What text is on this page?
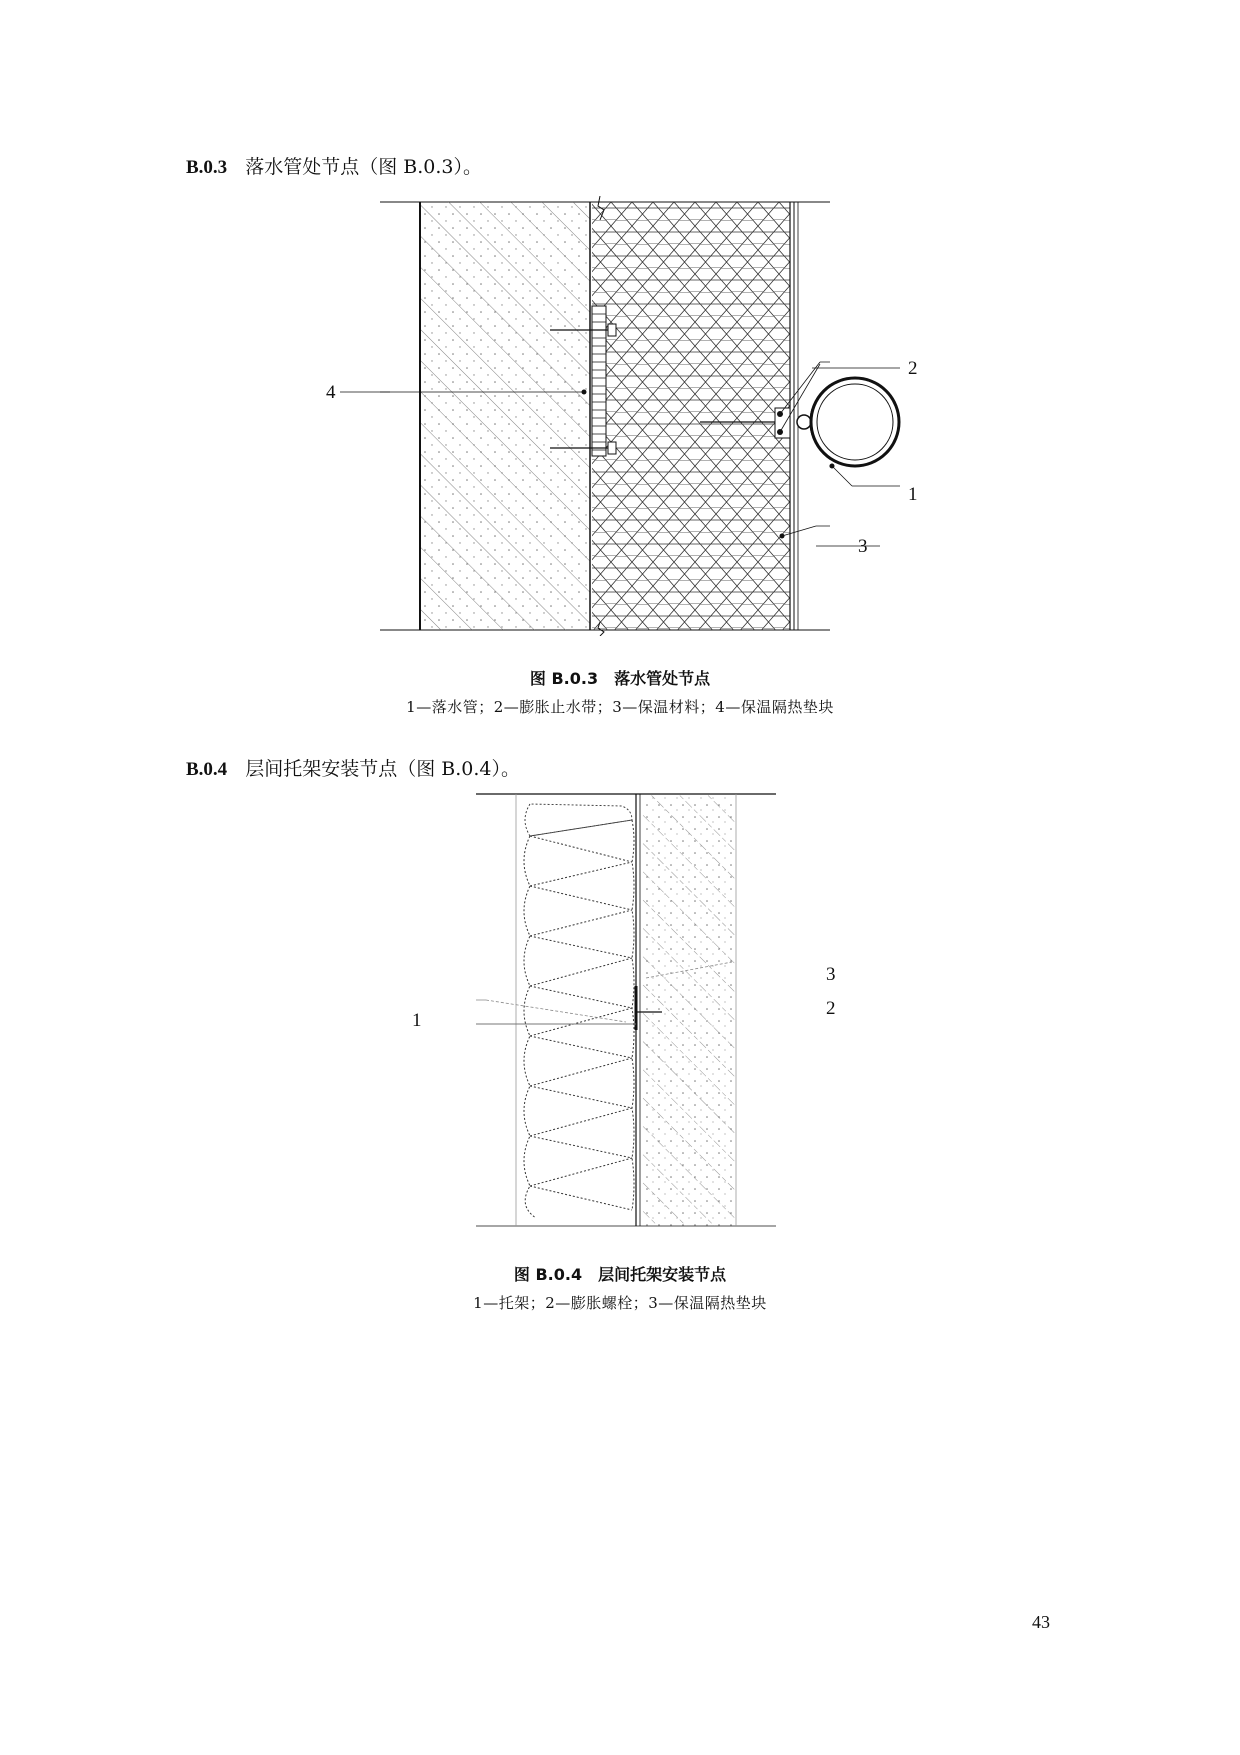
B.0.3 落水管处节点（图 B.0.3）。
4
2
1
3
图 B.0.3 落水管处节点
1—落水管；2—膨胀止水带；3—保温材料；4—保温隔热垫块
B.0.4 层间托架安装节点（图 B.0.4）。
1
3
2
图 B.0.4 层间托架安装节点
1—托架；2—膨胀螺栓；3—保温隔热垫块
43
